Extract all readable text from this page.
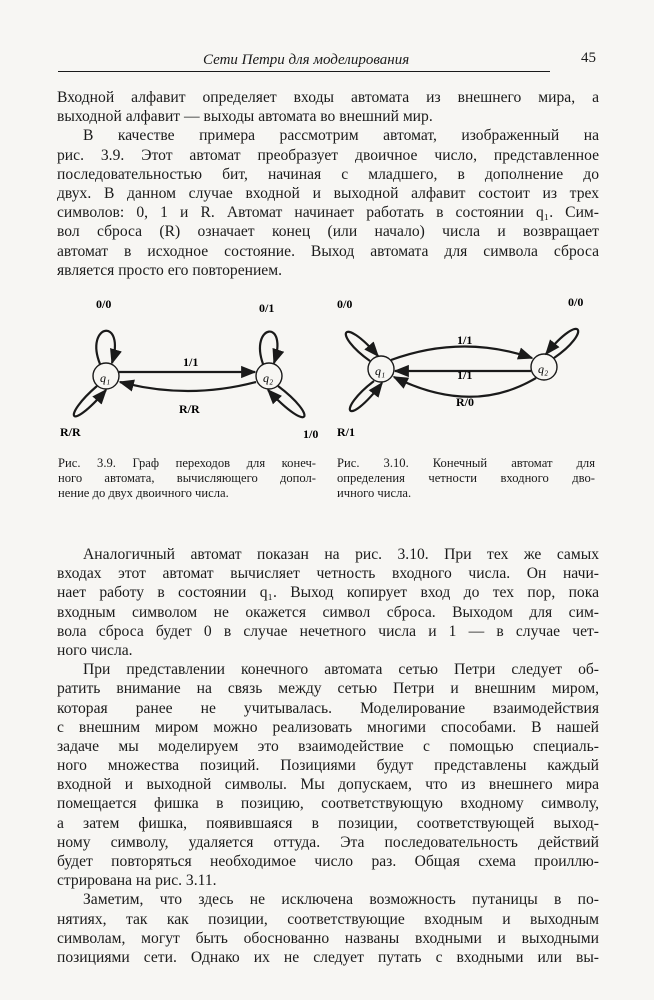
Сети Петри для моделирования	45
Входной алфавит определяет входы автомата из внешнего мира, а
выходной алфавит — выходы автомата во внешний мир.
В качестве примера рассмотрим автомат, изображенный на
рис. 3.9. Этот автомат преобразует двоичное число, представленное
последовательностью бит, начиная с младшего, в дополнение до
двух. В данном случае входной и выходной алфавит состоит из трех
символов: 0, 1 и R. Автомат начинает работать в состоянии q₁. Сим-
вол сброса (R) означает конец (или начало) числа и возвращает
автомат в исходное состояние. Выход автомата для символа сброса
является просто его повторением.
q₁	q₂
0/0
R/R
0/1
1/0
1/1
R/R
q₁	q₂
0/0
R/1
0/0
1/1
1/1
R/0
Рис. 3.9. Граф переходов для конеч-
ного автомата, вычисляющего допол-
нение до двух двоичного числа.
Рис. 3.10. Конечный автомат для
определения четности входного дво-
ичного числа.
Аналогичный автомат показан на рис. 3.10. При тех же самых
входах этот автомат вычисляет четность входного числа. Он начи-
нает работу в состоянии q₁. Выход копирует вход до тех пор, пока
входным символом не окажется символ сброса. Выходом для сим-
вола сброса будет 0 в случае нечетного числа и 1 — в случае чет-
ного числа.
При представлении конечного автомата сетью Петри следует об-
ратить внимание на связь между сетью Петри и внешним миром,
которая ранее не учитывалась. Моделирование взаимодействия
с внешним миром можно реализовать многими способами. В нашей
задаче мы моделируем это взаимодействие с помощью специаль-
ного множества позиций. Позициями будут представлены каждый
входной и выходной символы. Мы допускаем, что из внешнего мира
помещается фишка в позицию, соответствующую входному символу,
а затем фишка, появившаяся в позиции, соответствующей выход-
ному символу, удаляется оттуда. Эта последовательность действий
будет повторяться необходимое число раз. Общая схема проиллю-
стрирована на рис. 3.11.
Заметим, что здесь не исключена возможность путаницы в по-
нятиях, так как позиции, соответствующие входным и выходным
символам, могут быть обоснованно названы входными и выходными
позициями сети. Однако их не следует путать с входными или вы-
